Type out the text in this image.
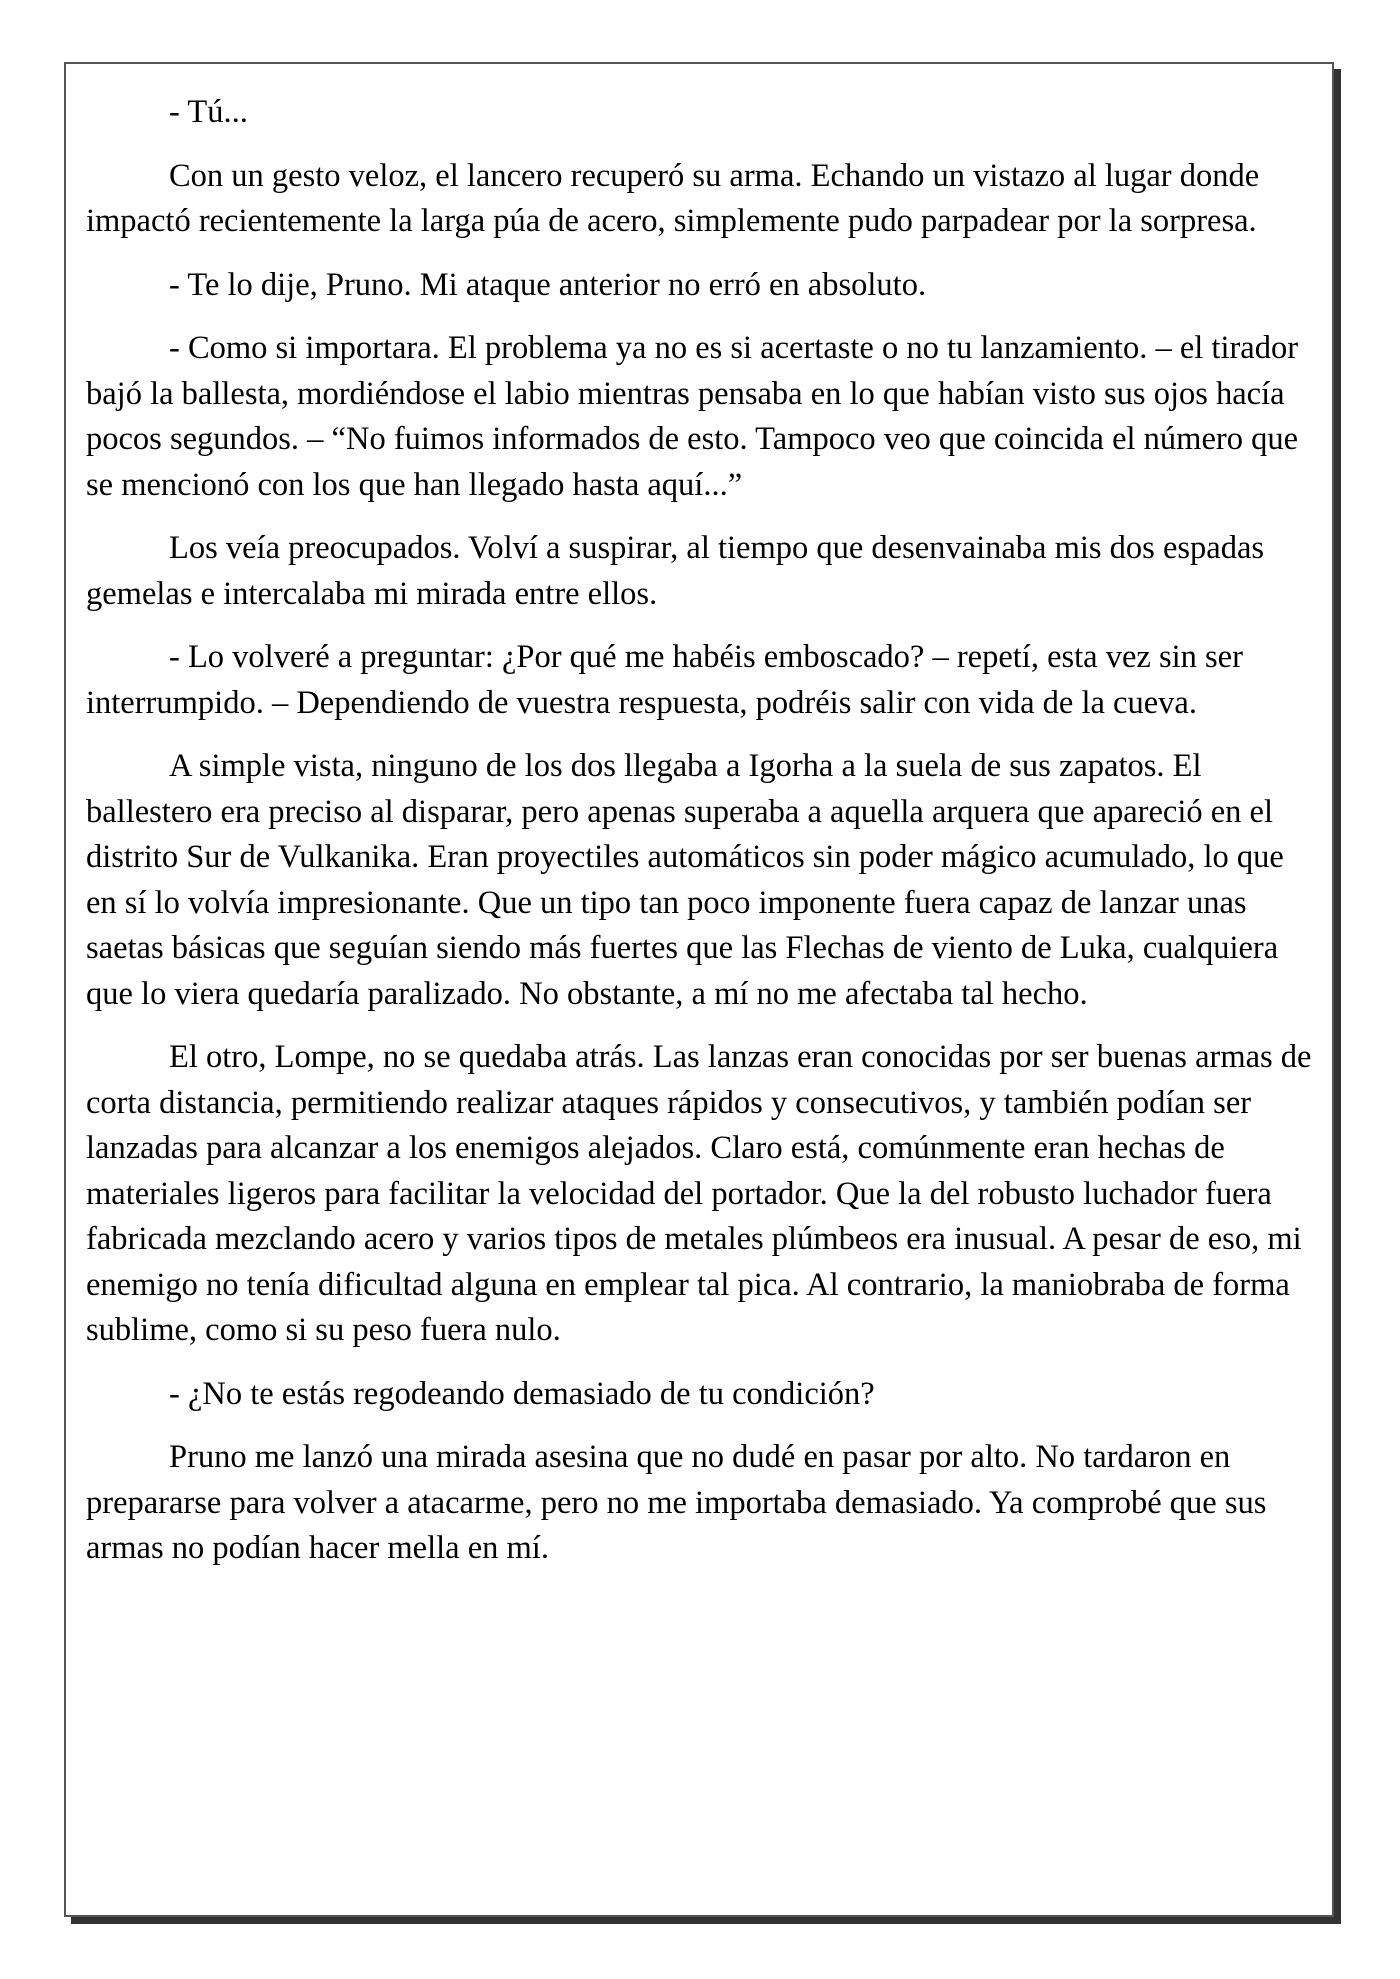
- Tú...

Con un gesto veloz, el lancero recuperó su arma. Echando un vistazo al lugar donde impactó recientemente la larga púa de acero, simplemente pudo parpadear por la sorpresa.

- Te lo dije, Pruno. Mi ataque anterior no erró en absoluto.

- Como si importara. El problema ya no es si acertaste o no tu lanzamiento. – el tirador bajó la ballesta, mordiéndose el labio mientras pensaba en lo que habían visto sus ojos hacía pocos segundos. – “No fuimos informados de esto. Tampoco veo que coincida el número que se mencionó con los que han llegado hasta aquí...”

Los veía preocupados. Volví a suspirar, al tiempo que desenvainaba mis dos espadas gemelas e intercalaba mi mirada entre ellos.

- Lo volveré a preguntar: ¿Por qué me habéis emboscado? – repetí, esta vez sin ser interrumpido. – Dependiendo de vuestra respuesta, podréis salir con vida de la cueva.

A simple vista, ninguno de los dos llegaba a Igorha a la suela de sus zapatos. El ballestero era preciso al disparar, pero apenas superaba a aquella arquera que apareció en el distrito Sur de Vulkanika. Eran proyectiles automáticos sin poder mágico acumulado, lo que en sí lo volvía impresionante. Que un tipo tan poco imponente fuera capaz de lanzar unas saetas básicas que seguían siendo más fuertes que las Flechas de viento de Luka, cualquiera que lo viera quedaría paralizado. No obstante, a mí no me afectaba tal hecho.

El otro, Lompe, no se quedaba atrás. Las lanzas eran conocidas por ser buenas armas de corta distancia, permitiendo realizar ataques rápidos y consecutivos, y también podían ser lanzadas para alcanzar a los enemigos alejados. Claro está, comúnmente eran hechas de materiales ligeros para facilitar la velocidad del portador. Que la del robusto luchador fuera fabricada mezclando acero y varios tipos de metales plúmbeos era inusual. A pesar de eso, mi enemigo no tenía dificultad alguna en emplear tal pica. Al contrario, la maniobraba de forma sublime, como si su peso fuera nulo.

- ¿No te estás regodeando demasiado de tu condición?

Pruno me lanzó una mirada asesina que no dudé en pasar por alto. No tardaron en prepararse para volver a atacarme, pero no me importaba demasiado. Ya comprobé que sus armas no podían hacer mella en mí.
